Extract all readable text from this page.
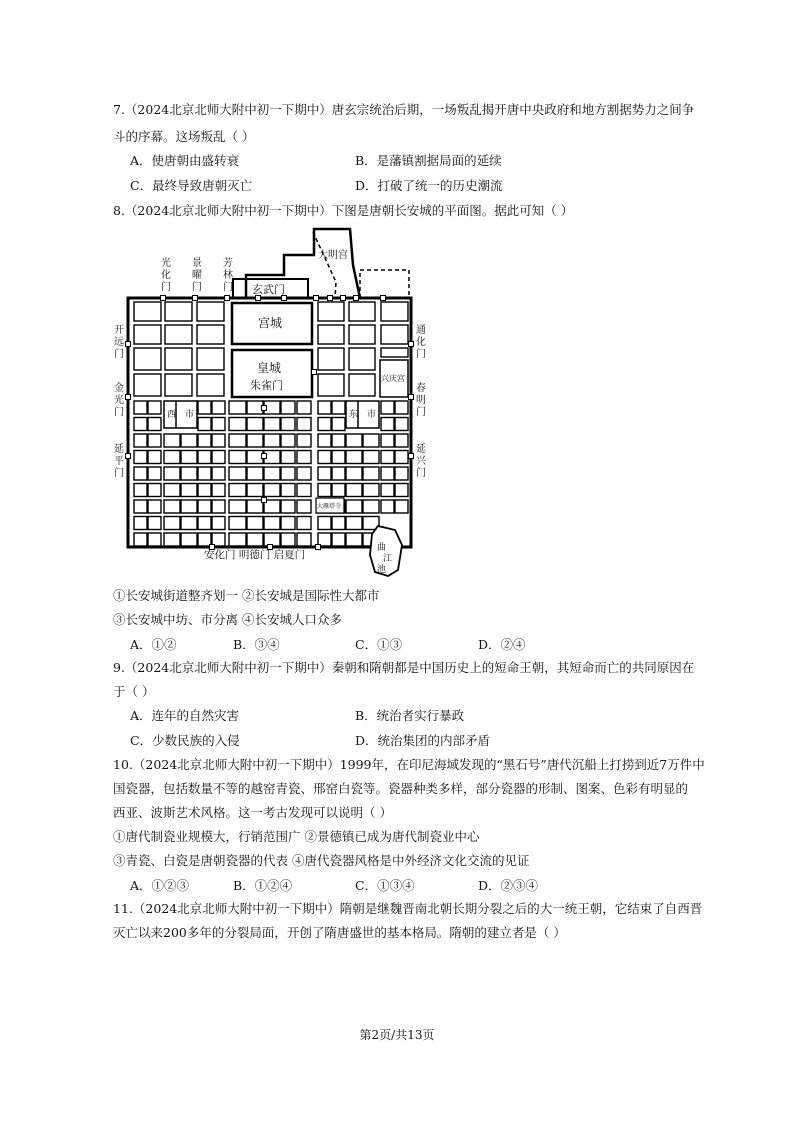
7.（2024北京北师大附中初一下期中）唐玄宗统治后期，一场叛乱揭开唐中央政府和地方割据势力之间争
斗的序幕。这场叛乱（ ）
A．使唐朝由盛转衰	B．是藩镇割据局面的延续
C．最终导致唐朝灭亡	D．打破了统一的历史潮流
8.（2024北京北师大附中初一下期中）下图是唐朝长安城的平面图。据此可知（ ）
大明宫
玄武门
宫城
皇城
朱雀门
兴庆宫
西　市	东　市
大雁塔寺
曲江池
光化门
景曜门
芳林门
开远门
金光门
延平门
通化门
春明门
延兴门
安化门 明德门 启夏门
①长安城街道整齐划一 ②长安城是国际性大都市
③长安城中坊、市分离 ④长安城人口众多
A．①②	B．③④	C．①③	D．②④
9.（2024北京北师大附中初一下期中）秦朝和隋朝都是中国历史上的短命王朝，其短命而亡的共同原因在
于（ ）
A．连年的自然灾害	B．统治者实行暴政
C．少数民族的入侵	D．统治集团的内部矛盾
10.（2024北京北师大附中初一下期中）1999年，在印尼海域发现的“黑石号”唐代沉船上打捞到近7万件中
国瓷器，包括数量不等的越窑青瓷、邢窑白瓷等。瓷器种类多样，部分瓷器的形制、图案、色彩有明显的
西亚、波斯艺术风格。这一考古发现可以说明（ ）
①唐代制瓷业规模大，行销范围广 ②景德镇已成为唐代制瓷业中心
③青瓷、白瓷是唐朝瓷器的代表 ④唐代瓷器风格是中外经济文化交流的见证
A．①②③	B．①②④	C．①③④	D．②③④
11.（2024北京北师大附中初一下期中）隋朝是继魏晋南北朝长期分裂之后的大一统王朝，它结束了自西晋
灭亡以来200多年的分裂局面，开创了隋唐盛世的基本格局。隋朝的建立者是（ ）
第2页/共13页
